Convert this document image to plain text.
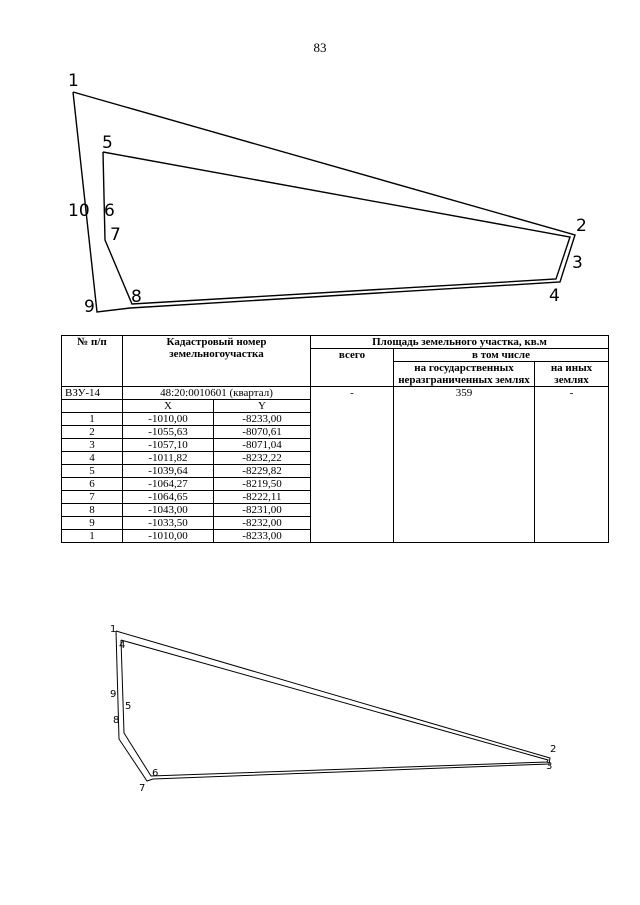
83
1
2
3
4
5
6
7
8
9
10
№ п/п	Кадастровый номер земельногоучастка		Площадь земельного участка, кв.м		
			всего	в том числе	
				на государственных неразграниченных землях	на иных землях
ВЗУ-14	48:20:0010601 (квартал)		-	359	-
	X	Y			
1	-1010,00	-8233,00			
2	-1055,63	-8070,61			
3	-1057,10	-8071,04			
4	-1011,82	-8232,22			
5	-1039,64	-8229,82			
6	-1064,27	-8219,50			
7	-1064,65	-8222,11			
8	-1043,00	-8231,00			
9	-1033,50	-8232,00			
1	-1010,00	-8233,00			
1
2
3
4
5
6
7
8
9
